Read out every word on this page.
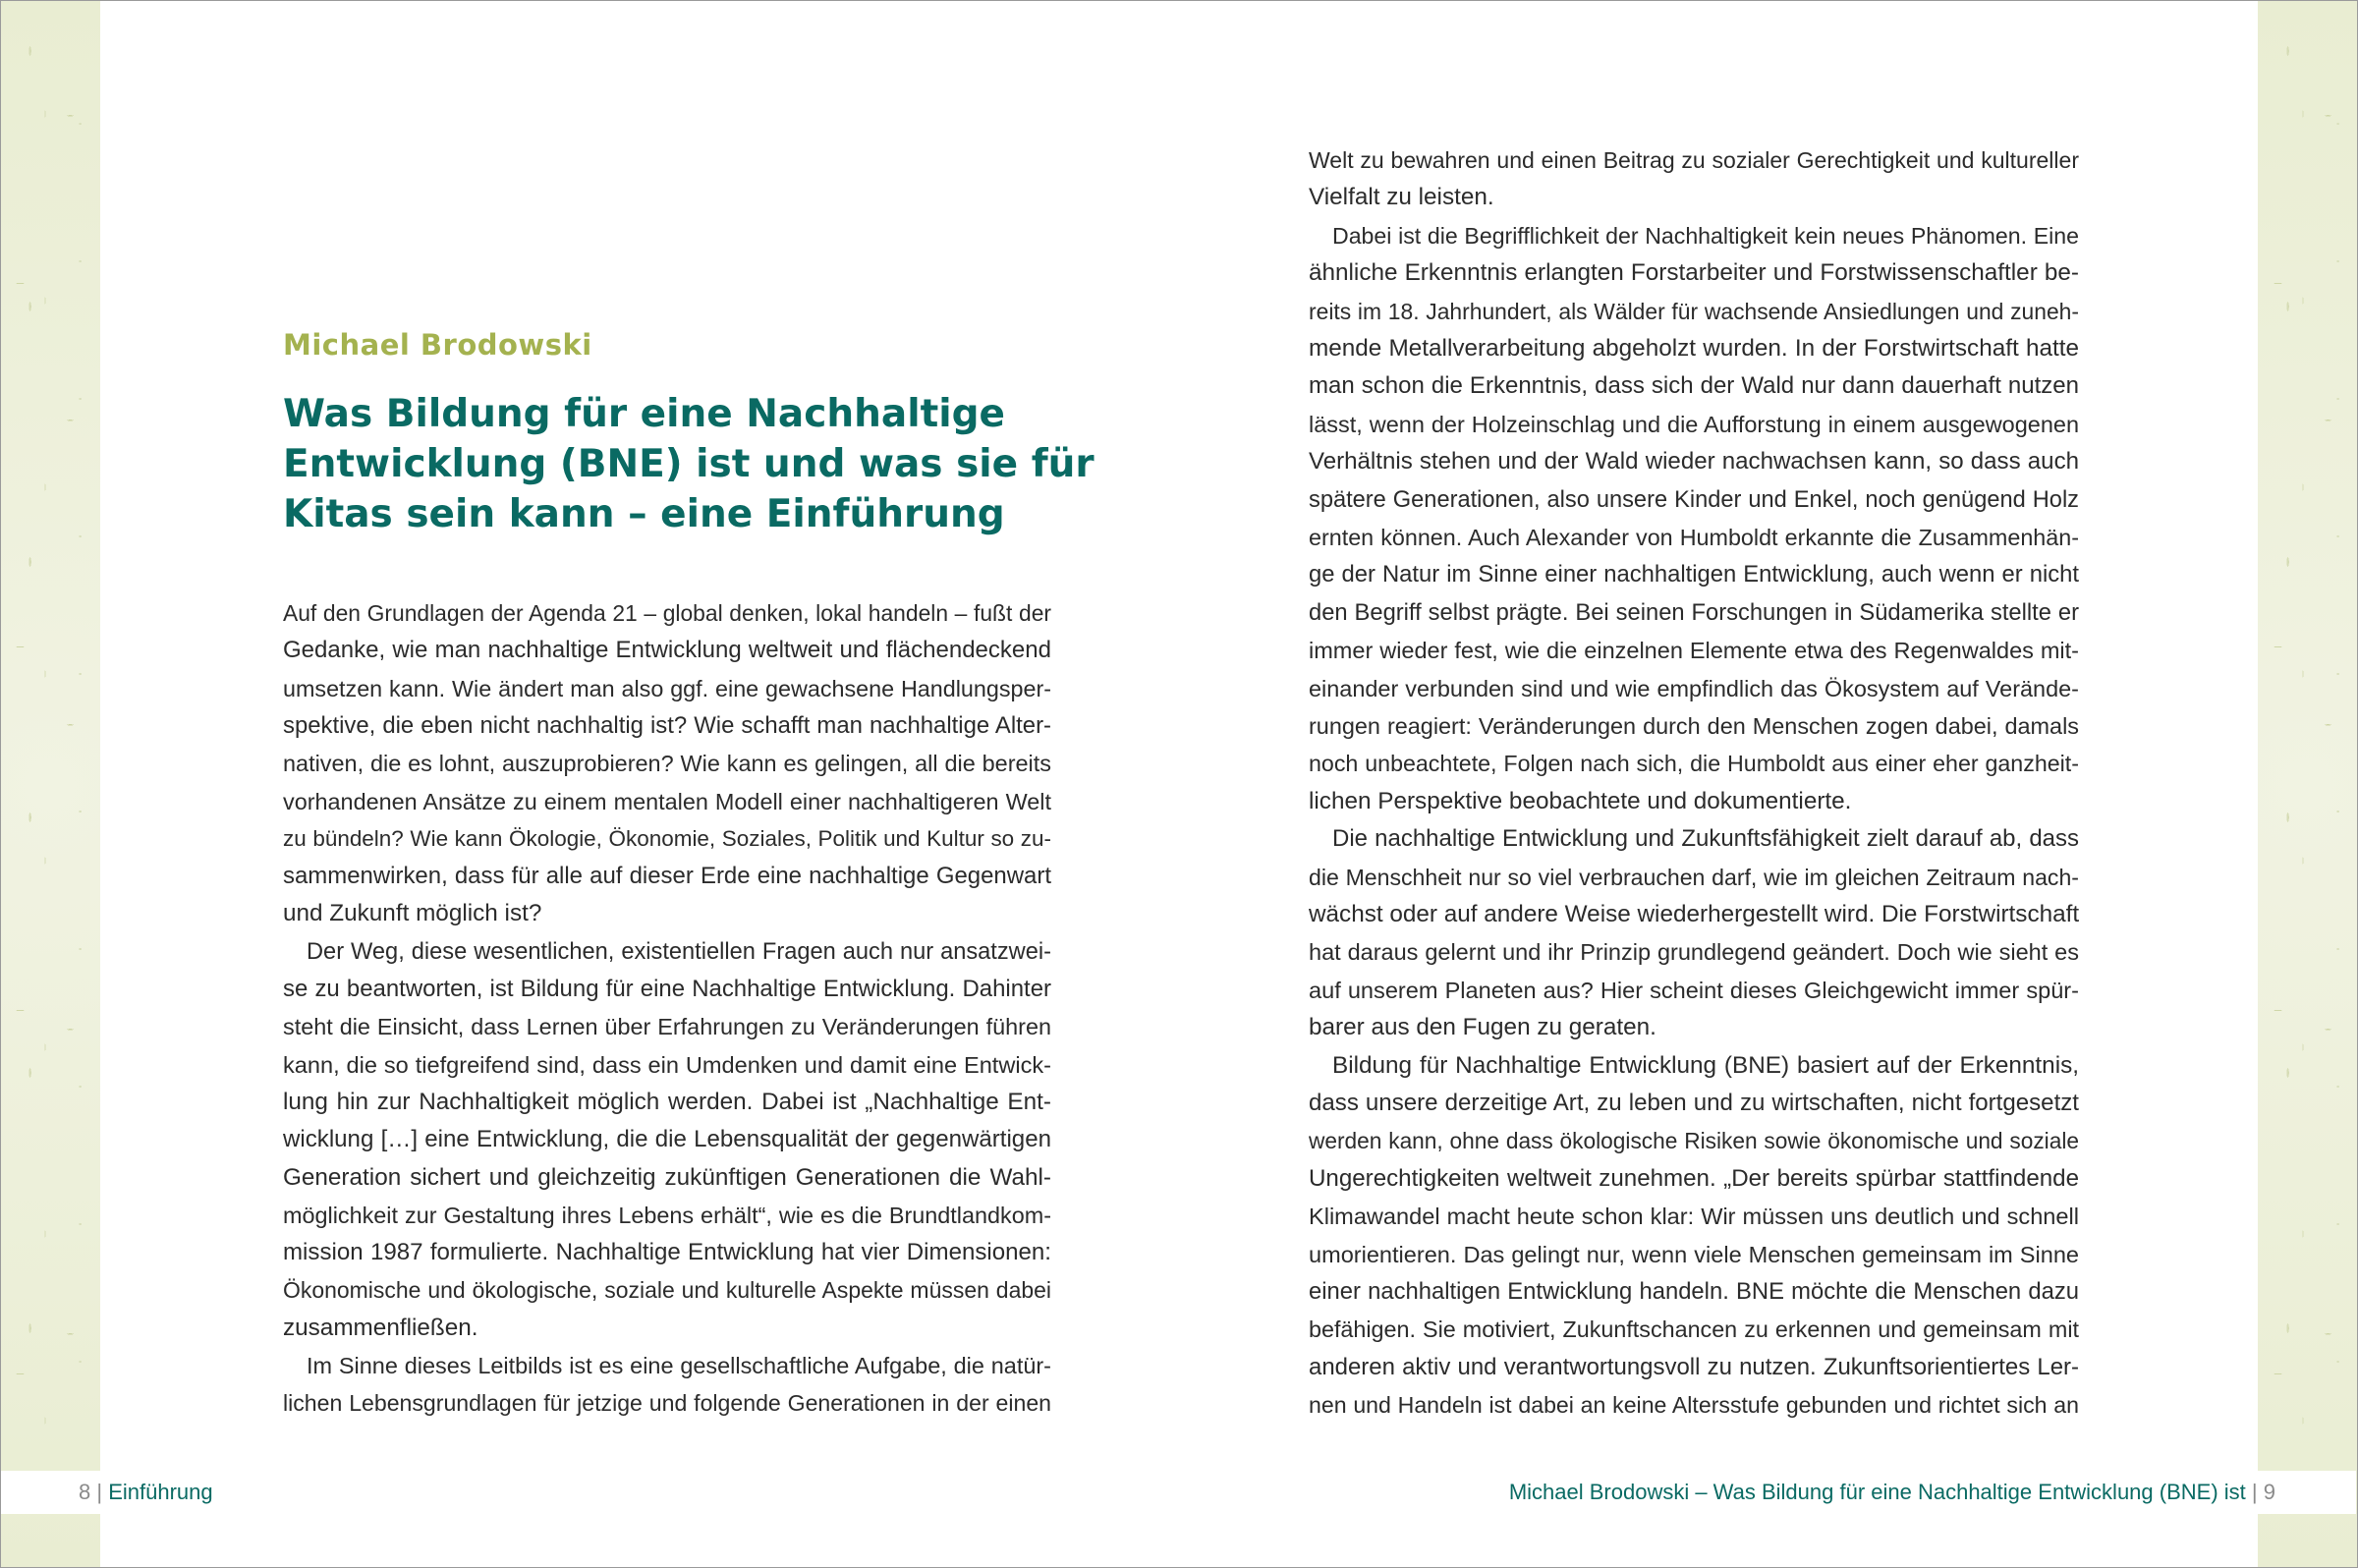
Michael Brodowski
Was Bildung für eine Nachhaltige
Entwicklung (BNE) ist und was sie für
Kitas sein kann – eine Einführung
Auf den Grundlagen der Agenda 21 – global denken, lokal handeln – fußt der
Gedanke, wie man nachhaltige Entwicklung weltweit und flächendeckend
umsetzen kann. Wie ändert man also ggf. eine gewachsene Handlungsper-
spektive, die eben nicht nachhaltig ist? Wie schafft man nachhaltige Alter-
nativen, die es lohnt, auszuprobieren? Wie kann es gelingen, all die bereits
vorhandenen Ansätze zu einem mentalen Modell einer nachhaltigeren Welt
zu bündeln? Wie kann Ökologie, Ökonomie, Soziales, Politik und Kultur so zu-
sammenwirken, dass für alle auf dieser Erde eine nachhaltige Gegenwart
und Zukunft möglich ist?
Der Weg, diese wesentlichen, existentiellen Fragen auch nur ansatzwei-
se zu beantworten, ist Bildung für eine Nachhaltige Entwicklung. Dahinter
steht die Einsicht, dass Lernen über Erfahrungen zu Veränderungen führen
kann, die so tiefgreifend sind, dass ein Umdenken und damit eine Entwick-
lung hin zur Nachhaltigkeit möglich werden. Dabei ist „Nachhaltige Ent-
wicklung […] eine Entwicklung, die die Lebensqualität der gegenwärtigen
Generation sichert und gleichzeitig zukünftigen Generationen die Wahl-
möglichkeit zur Gestaltung ihres Lebens erhält“, wie es die Brundtlandkom-
mission 1987 formulierte. Nachhaltige Entwicklung hat vier Dimensionen:
Ökonomische und ökologische, soziale und kulturelle Aspekte müssen dabei
zusammenfließen.
Im Sinne dieses Leitbilds ist es eine gesellschaftliche Aufgabe, die natür-
lichen Lebensgrundlagen für jetzige und folgende Generationen in der einen
8 | Einführung
Welt zu bewahren und einen Beitrag zu sozialer Gerechtigkeit und kultureller
Vielfalt zu leisten.
Dabei ist die Begrifflichkeit der Nachhaltigkeit kein neues Phänomen. Eine
ähnliche Erkenntnis erlangten Forstarbeiter und Forstwissenschaftler be-
reits im 18. Jahrhundert, als Wälder für wachsende Ansiedlungen und zuneh-
mende Metallverarbeitung abgeholzt wurden. In der Forstwirtschaft hatte
man schon die Erkenntnis, dass sich der Wald nur dann dauerhaft nutzen
lässt, wenn der Holzeinschlag und die Aufforstung in einem ausgewogenen
Verhältnis stehen und der Wald wieder nachwachsen kann, so dass auch
spätere Generationen, also unsere Kinder und Enkel, noch genügend Holz
ernten können. Auch Alexander von Humboldt erkannte die Zusammenhän-
ge der Natur im Sinne einer nachhaltigen Entwicklung, auch wenn er nicht
den Begriff selbst prägte. Bei seinen Forschungen in Südamerika stellte er
immer wieder fest, wie die einzelnen Elemente etwa des Regenwaldes mit-
einander verbunden sind und wie empfindlich das Ökosystem auf Verände-
rungen reagiert: Veränderungen durch den Menschen zogen dabei, damals
noch unbeachtete, Folgen nach sich, die Humboldt aus einer eher ganzheit-
lichen Perspektive beobachtete und dokumentierte.
Die nachhaltige Entwicklung und Zukunftsfähigkeit zielt darauf ab, dass
die Menschheit nur so viel verbrauchen darf, wie im gleichen Zeitraum nach-
wächst oder auf andere Weise wiederhergestellt wird. Die Forstwirtschaft
hat daraus gelernt und ihr Prinzip grundlegend geändert. Doch wie sieht es
auf unserem Planeten aus? Hier scheint dieses Gleichgewicht immer spür-
barer aus den Fugen zu geraten.
Bildung für Nachhaltige Entwicklung (BNE) basiert auf der Erkenntnis,
dass unsere derzeitige Art, zu leben und zu wirtschaften, nicht fortgesetzt
werden kann, ohne dass ökologische Risiken sowie ökonomische und soziale
Ungerechtigkeiten weltweit zunehmen. „Der bereits spürbar stattfindende
Klimawandel macht heute schon klar: Wir müssen uns deutlich und schnell
umorientieren. Das gelingt nur, wenn viele Menschen gemeinsam im Sinne
einer nachhaltigen Entwicklung handeln. BNE möchte die Menschen dazu
befähigen. Sie motiviert, Zukunftschancen zu erkennen und gemeinsam mit
anderen aktiv und verantwortungsvoll zu nutzen. Zukunftsorientiertes Ler-
nen und Handeln ist dabei an keine Altersstufe gebunden und richtet sich an
Michael Brodowski – Was Bildung für eine Nachhaltige Entwicklung (BNE) ist | 9
